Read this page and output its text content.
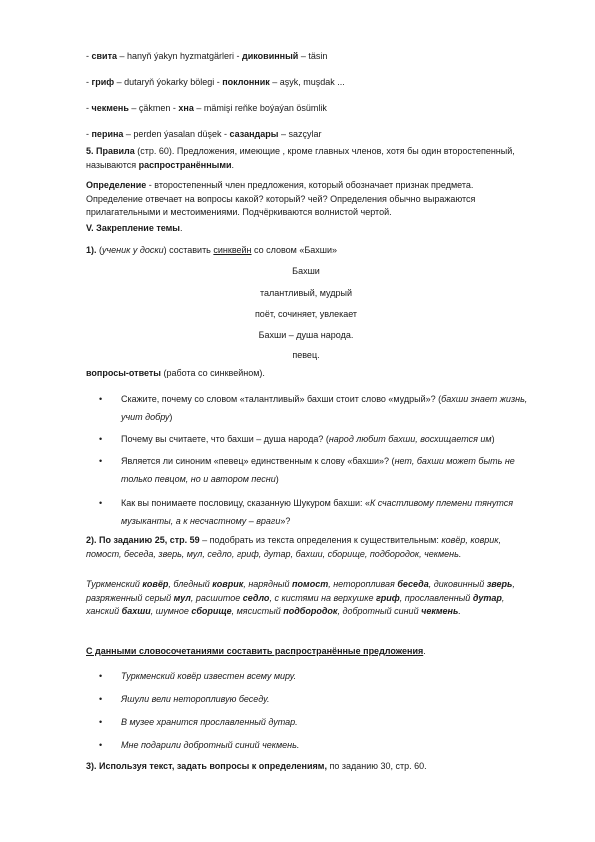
- свита – hanyň ýakyn hyzmatgärleri - диковинный – täsin

- гриф – dutaryň ýokarky bölegi - поклонник – aşyk, muşdak ...

- чекмень – çäkmen - хна – mämişi reňke boýaýan ösümlik

- перина – perden ýasalan düşek - сазандары – sazçylar

5. Правила (стр. 60). Предложения, имеющие , кроме главных членов, хотя бы один второстепенный, называются распространёнными.

Определение - второстепенный член предложения, который обозначает признак предмета. Определение отвечает на вопросы какой? который? чей? Определения обычно выражаются прилагательными и местоимениями. Подчёркиваются волнистой чертой.

V. Закрепление темы.

1). (ученик у доски) составить синквейн со словом «Бахши»

Бахши

талантливый, мудрый

поёт, сочиняет, увлекает

Бахши – душа народа.

певец.

вопросы-ответы (работа со синквейном).

•	Скажите, почему со словом «талантливый» бахши стоит слово «мудрый»? (бахши знает жизнь, учит добру)
•	Почему вы считаете, что бахши – душа народа? (народ любит бахши, восхищается им)
•	Является ли синоним «певец» единственным к слову «бахши»? (нет, бахши может быть не только певцом, но и автором песни)
•	Как вы понимаете пословицу, сказанную Шукуром бахши: «К счастливому племени тянутся музыканты, а к несчастному – враги»?

2). По заданию 25, стр. 59 – подобрать из текста определения к существительным: ковёр, коврик, помост, беседа, зверь, мул, седло, гриф, дутар, бахши, сборище, подбородок, чекмень.

Туркменский ковёр, бледный коврик, нарядный помост, неторопливая беседа, диковинный зверь, разряженный серый мул, расшитое седло, с кистями на верхушке гриф, прославленный дутар, ханский бахши, шумное сборище, мясистый подбородок, добротный синий чекмень.

С данными словосочетаниями составить распространённые предложения.

•	Туркменский ковёр известен всему миру.
•	Яшули вели неторопливую беседу.
•	В музее хранится прославленный дутар.
•	Мне подарили добротный синий чекмень.

3). Используя текст, задать вопросы к определениям, по заданию 30, стр. 60.
